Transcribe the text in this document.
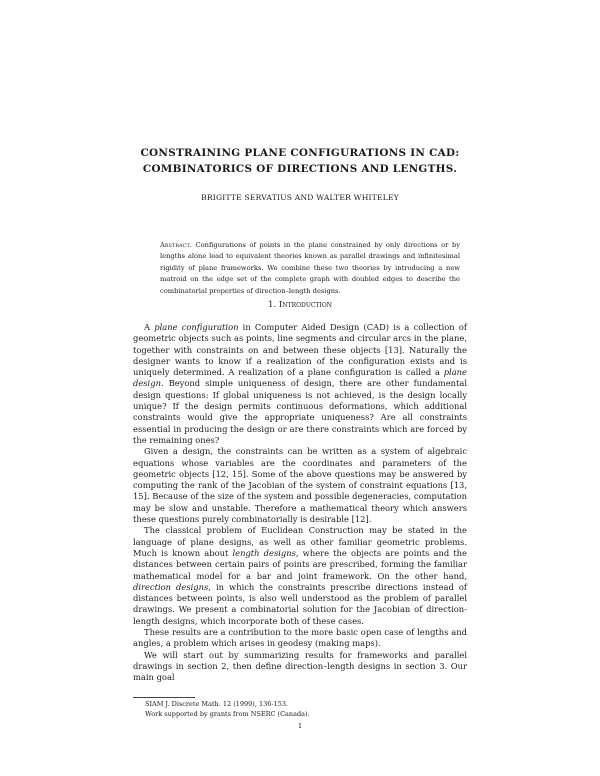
CONSTRAINING PLANE CONFIGURATIONS IN CAD:
COMBINATORICS OF DIRECTIONS AND LENGTHS.
BRIGITTE SERVATIUS AND WALTER WHITELEY
Abstract. Configurations of points in the plane constrained by only directions or by lengths alone lead to equivalent theories known as parallel drawings and infinitesimal rigidity of plane frameworks. We combine these two theories by introducing a new matroid on the edge set of the complete graph with doubled edges to describe the combinatorial properties of direction–length designs.
1. Introduction

A plane configuration in Computer Aided Design (CAD) is a collection of geometric objects such as points, line segments and circular arcs in the plane, together with constraints on and between these objects [13]. Naturally the designer wants to know if a realization of the configuration exists and is uniquely determined. A realization of a plane configuration is called a plane design. Beyond simple uniqueness of design, there are other fundamental design questions: If global uniqueness is not achieved, is the design locally unique? If the design permits continuous deformations, which additional constraints would give the appropriate uniqueness? Are all constraints essential in producing the design or are there constraints which are forced by the remaining ones?

Given a design, the constraints can be written as a system of algebraic equations whose variables are the coordinates and parameters of the geometric objects [12, 15]. Some of the above questions may be answered by computing the rank of the Jacobian of the system of constraint equations [13, 15]. Because of the size of the system and possible degeneracies, computation may be slow and unstable. Therefore a mathematical theory which answers these questions purely combinatorially is desirable [12].

The classical problem of Euclidean Construction may be stated in the language of plane designs, as well as other familiar geometric problems. Much is known about length designs, where the objects are points and the distances between certain pairs of points are prescribed, forming the familiar mathematical model for a bar and joint framework. On the other hand, direction designs, in which the constraints prescribe directions instead of distances between points, is also well understood as the problem of parallel drawings. We present a combinatorial solution for the Jacobian of direction-length designs, which incorporate both of these cases.

These results are a contribution to the more basic open case of lengths and angles, a problem which arises in geodesy (making maps).

We will start out by summarizing results for frameworks and parallel drawings in section 2, then define direction–length designs in section 3. Our main goal

SIAM J. Discrete Math. 12 (1999), 136-153.
Work supported by grants from NSERC (Canada).
1
